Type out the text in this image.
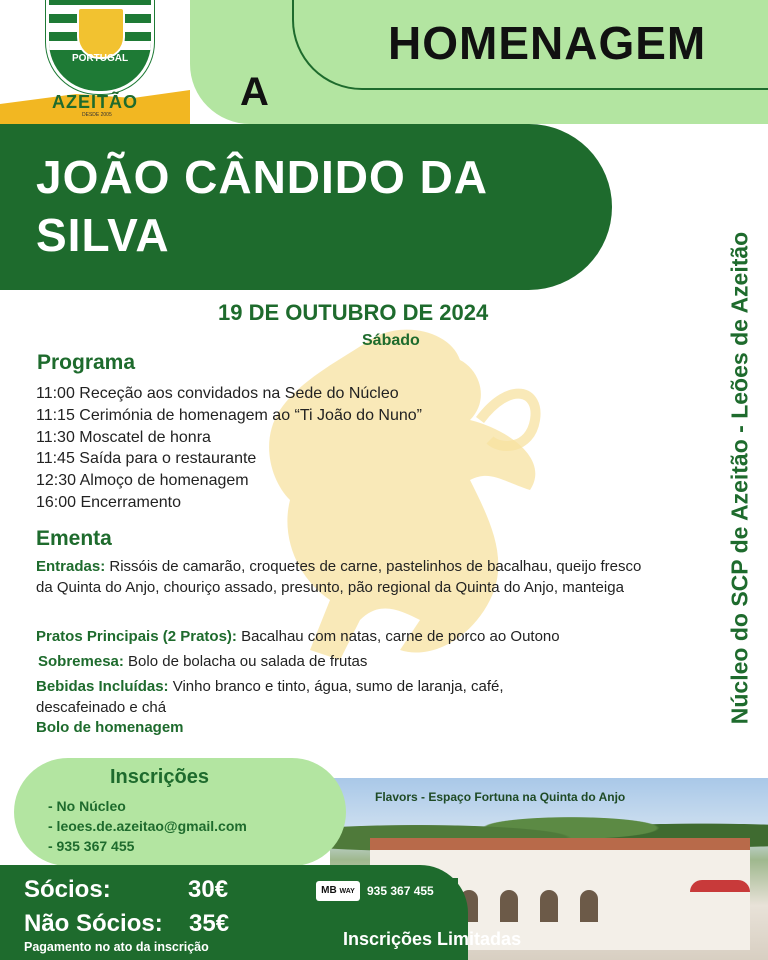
HOMENAGEM
A
PORTUGAL
AZEITÃO
DESDE 2005
JOÃO CÂNDIDO DA SILVA	Núcleo do SCP de Azeitão - Leões de Azeitão
19 DE OUTUBRO DE 2024
Sábado
Programa
11:00 Receção aos convidados na Sede do Núcleo
11:15 Cerimónia de homenagem ao “Ti João do Nuno”
11:30 Moscatel de honra
11:45 Saída para o restaurante
12:30 Almoço de homenagem
16:00 Encerramento
Ementa
Entradas: Rissóis de camarão, croquetes de carne, pastelinhos de bacalhau, queijo fresco da Quinta do Anjo, chouriço assado, presunto, pão regional da Quinta do Anjo, manteiga
Pratos Principais (2 Pratos): Bacalhau com natas, carne de porco ao Outono
Sobremesa: Bolo de bolacha ou salada de frutas
Bebidas Incluídas: Vinho branco e tinto, água, sumo de laranja, café, descafeinado e chá
Bolo de homenagem
Flavors - Espaço Fortuna na Quinta do Anjo
Inscrições
- No Núcleo
- leoes.de.azeitao@gmail.com
- 935 367 455
Sócios:	30€
Não Sócios: 35€
Pagamento no ato da inscrição
MB WAY	935 367 455
Inscrições Limitadas
